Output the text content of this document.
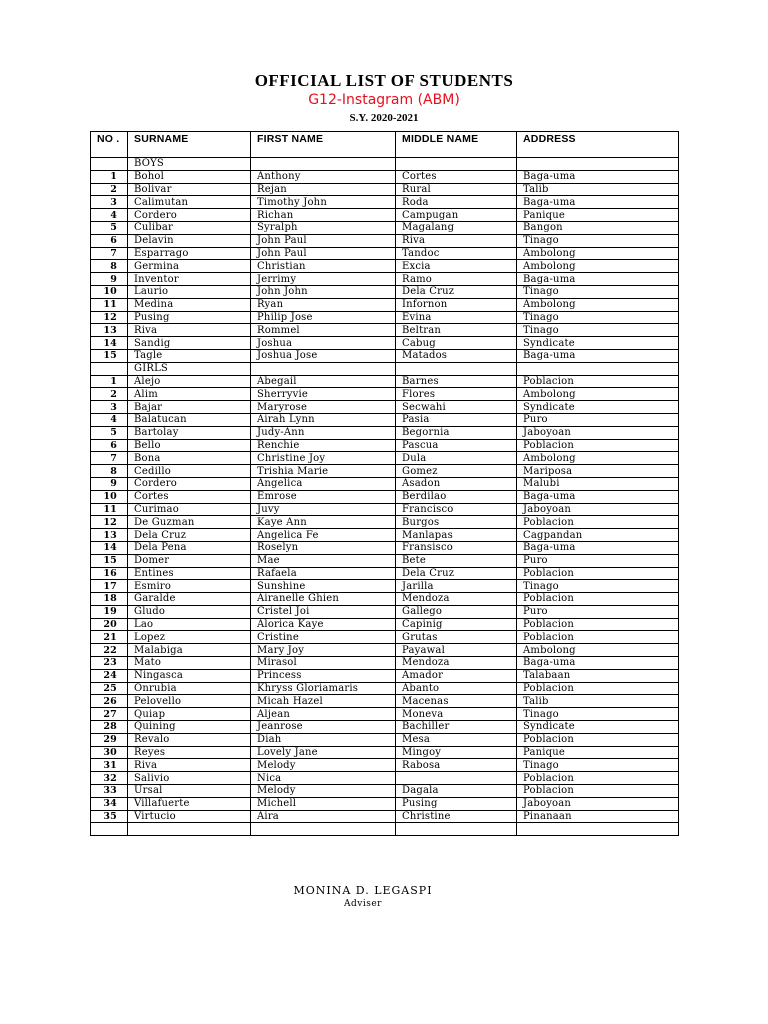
OFFICIAL LIST OF STUDENTS
G12-Instagram (ABM)
S.Y. 2020-2021
NO .	SURNAME	FIRST NAME	MIDDLE NAME	ADDRESS
	BOYS			
1	Bohol	Anthony	Cortes	Baga-uma
2	Bolivar	Rejan	Rural	Talib
3	Calimutan	Timothy John	Roda	Baga-uma
4	Cordero	Richan	Campugan	Panique
5	Culibar	Syralph	Magalang	Bangon
6	Delavin	John Paul	Riva	Tinago
7	Esparrago	John Paul	Tandoc	Ambolong
8	Germina	Christian	Excia	Ambolong
9	Inventor	Jerrimy	Ramo	Baga-uma
10	Laurio	John John	Dela Cruz	Tinago
11	Medina	Ryan	Infornon	Ambolong
12	Pusing	Philip Jose	Evina	Tinago
13	Riva	Rommel	Beltran	Tinago
14	Sandig	Joshua	Cabug	Syndicate
15	Tagle	Joshua Jose	Matados	Baga-uma
	GIRLS			
1	Alejo	Abegail	Barnes	Poblacion
2	Alim	Sherryvie	Flores	Ambolong
3	Bajar	Maryrose	Secwahi	Syndicate
4	Balatucan	Airah Lynn	Pasia	Puro
5	Bartolay	Judy-Ann	Begornia	Jaboyoan
6	Bello	Renchie	Pascua	Poblacion
7	Bona	Christine Joy	Dula	Ambolong
8	Cedillo	Trishia Marie	Gomez	Mariposa
9	Cordero	Angelica	Asadon	Malubi
10	Cortes	Emrose	Berdilao	Baga-uma
11	Curimao	Juvy	Francisco	Jaboyoan
12	De Guzman	Kaye Ann	Burgos	Poblacion
13	Dela Cruz	Angelica Fe	Manlapas	Cagpandan
14	Dela Pena	Roselyn	Fransisco	Baga-uma
15	Domer	Mae	Bete	Puro
16	Entines	Rafaela	Dela Cruz	Poblacion
17	Esmiro	Sunshine	Jarilla	Tinago
18	Garalde	Airanelle Ghien	Mendoza	Poblacion
19	Gludo	Cristel Joi	Gallego	Puro
20	Lao	Alorica Kaye	Capinig	Poblacion
21	Lopez	Cristine	Grutas	Poblacion
22	Malabiga	Mary Joy	Payawal	Ambolong
23	Mato	Mirasol	Mendoza	Baga-uma
24	Ningasca	Princess	Amador	Talabaan
25	Onrubia	Khryss Gloriamaris	Abanto	Poblacion
26	Pelovello	Micah Hazel	Macenas	Talib
27	Quiap	Aljean	Moneva	Tinago
28	Quining	Jeanrose	Bachiller	Syndicate
29	Revalo	Diah	Mesa	Poblacion
30	Reyes	Lovely Jane	Mingoy	Panique
31	Riva	Melody	Rabosa	Tinago
32	Salivio	Nica		Poblacion
33	Ursal	Melody	Dagala	Poblacion
34	Villafuerte	Michell	Pusing	Jaboyoan
35	Virtucio	Aira	Christine	Pinanaan

MONINA D. LEGASPI
Adviser
